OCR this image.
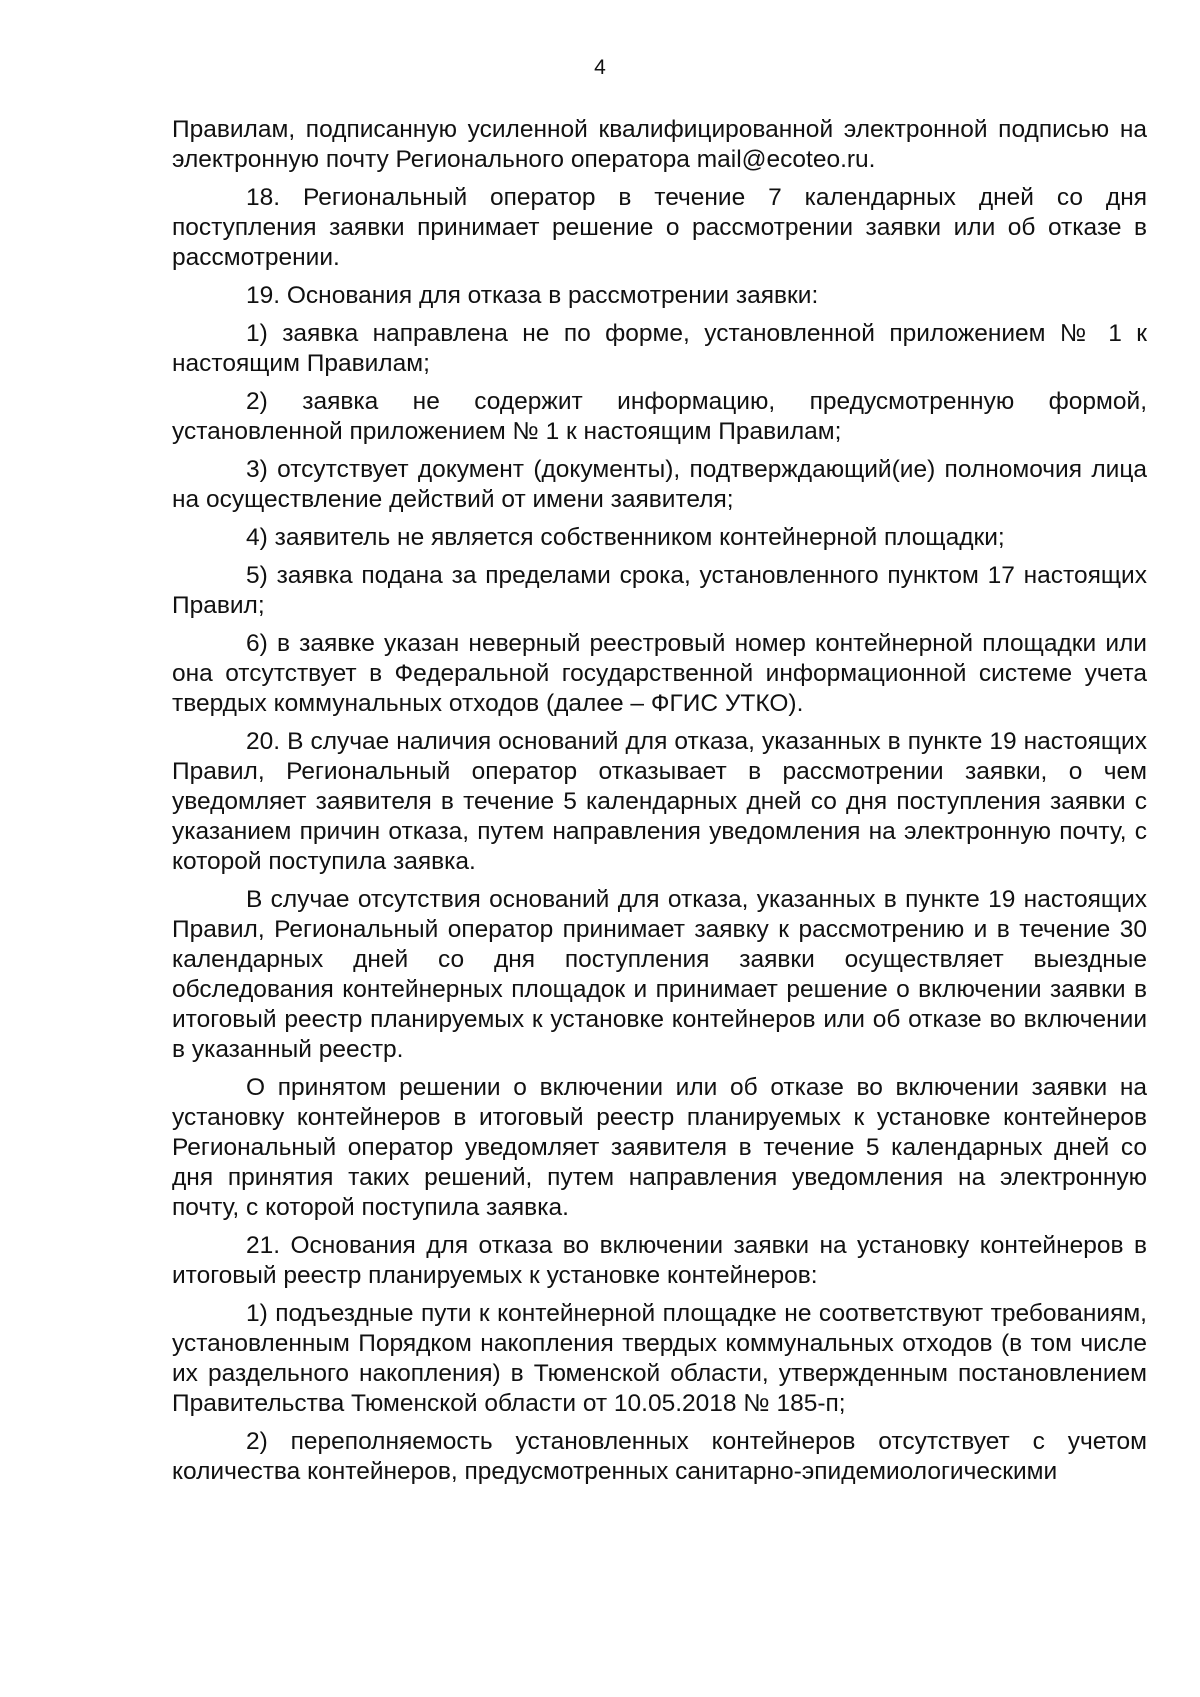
4

Правилам, подписанную усиленной квалифицированной электронной подписью на электронную почту Регионального оператора mail@ecoteo.ru.

18. Региональный оператор в течение 7 календарных дней со дня поступления заявки принимает решение о рассмотрении заявки или об отказе в рассмотрении.

19. Основания для отказа в рассмотрении заявки:

1) заявка направлена не по форме, установленной приложением № 1 к настоящим Правилам;

2) заявка не содержит информацию, предусмотренную формой, установленной приложением № 1 к настоящим Правилам;

3) отсутствует документ (документы), подтверждающий(ие) полномочия лица на осуществление действий от имени заявителя;

4) заявитель не является собственником контейнерной площадки;

5) заявка подана за пределами срока, установленного пунктом 17 настоящих Правил;

6) в заявке указан неверный реестровый номер контейнерной площадки или она отсутствует в Федеральной государственной информационной системе учета твердых коммунальных отходов (далее – ФГИС УТКО).

20. В случае наличия оснований для отказа, указанных в пункте 19 настоящих Правил, Региональный оператор отказывает в рассмотрении заявки, о чем уведомляет заявителя в течение 5 календарных дней со дня поступления заявки с указанием причин отказа, путем направления уведомления на электронную почту, с которой поступила заявка.

В случае отсутствия оснований для отказа, указанных в пункте 19 настоящих Правил, Региональный оператор принимает заявку к рассмотрению и в течение 30 календарных дней со дня поступления заявки осуществляет выездные обследования контейнерных площадок и принимает решение о включении заявки в итоговый реестр планируемых к установке контейнеров или об отказе во включении в указанный реестр.

О принятом решении о включении или об отказе во включении заявки на установку контейнеров в итоговый реестр планируемых к установке контейнеров Региональный оператор уведомляет заявителя в течение 5 календарных дней со дня принятия таких решений, путем направления уведомления на электронную почту, с которой поступила заявка.

21. Основания для отказа во включении заявки на установку контейнеров в итоговый реестр планируемых к установке контейнеров:

1) подъездные пути к контейнерной площадке не соответствуют требованиям, установленным Порядком накопления твердых коммунальных отходов (в том числе их раздельного накопления) в Тюменской области, утвержденным постановлением Правительства Тюменской области от 10.05.2018 № 185-п;

2) переполняемость установленных контейнеров отсутствует с учетом количества контейнеров, предусмотренных санитарно-эпидемиологическими
